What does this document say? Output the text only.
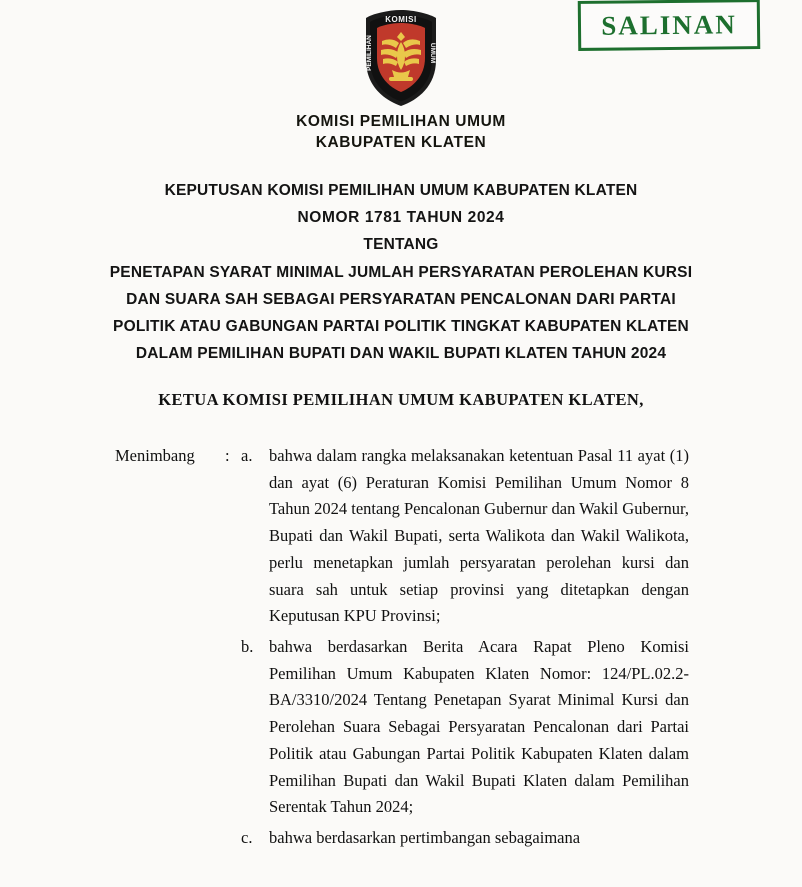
SALINAN
KOMISI
PEMILIHAN	UMUM
KOMISI PEMILIHAN UMUM
KABUPATEN KLATEN
KEPUTUSAN KOMISI PEMILIHAN UMUM KABUPATEN KLATEN
NOMOR 1781 TAHUN 2024
TENTANG
PENETAPAN SYARAT MINIMAL JUMLAH PERSYARATAN PEROLEHAN KURSI
DAN SUARA SAH SEBAGAI PERSYARATAN PENCALONAN DARI PARTAI
POLITIK ATAU GABUNGAN PARTAI POLITIK TINGKAT KABUPATEN KLATEN
DALAM PEMILIHAN BUPATI DAN WAKIL BUPATI KLATEN TAHUN 2024
KETUA KOMISI PEMILIHAN UMUM KABUPATEN KLATEN,
Menimbang	: a.	bahwa dalam rangka melaksanakan ketentuan Pasal 11 ayat (1) dan ayat (6) Peraturan Komisi Pemilihan Umum Nomor 8 Tahun 2024 tentang Pencalonan Gubernur dan Wakil Gubernur, Bupati dan Wakil Bupati, serta Walikota dan Wakil Walikota, perlu menetapkan jumlah persyaratan perolehan kursi dan suara sah untuk setiap provinsi yang ditetapkan dengan Keputusan KPU Provinsi;
b. bahwa berdasarkan Berita Acara Rapat Pleno Komisi Pemilihan Umum Kabupaten Klaten Nomor: 124/PL.02.2-BA/3310/2024 Tentang Penetapan Syarat Minimal Kursi dan Perolehan Suara Sebagai Persyaratan Pencalonan dari Partai Politik atau Gabungan Partai Politik Kabupaten Klaten dalam Pemilihan Bupati dan Wakil Bupati Klaten dalam Pemilihan Serentak Tahun 2024;
c.	bahwa berdasarkan pertimbangan sebagaimana
